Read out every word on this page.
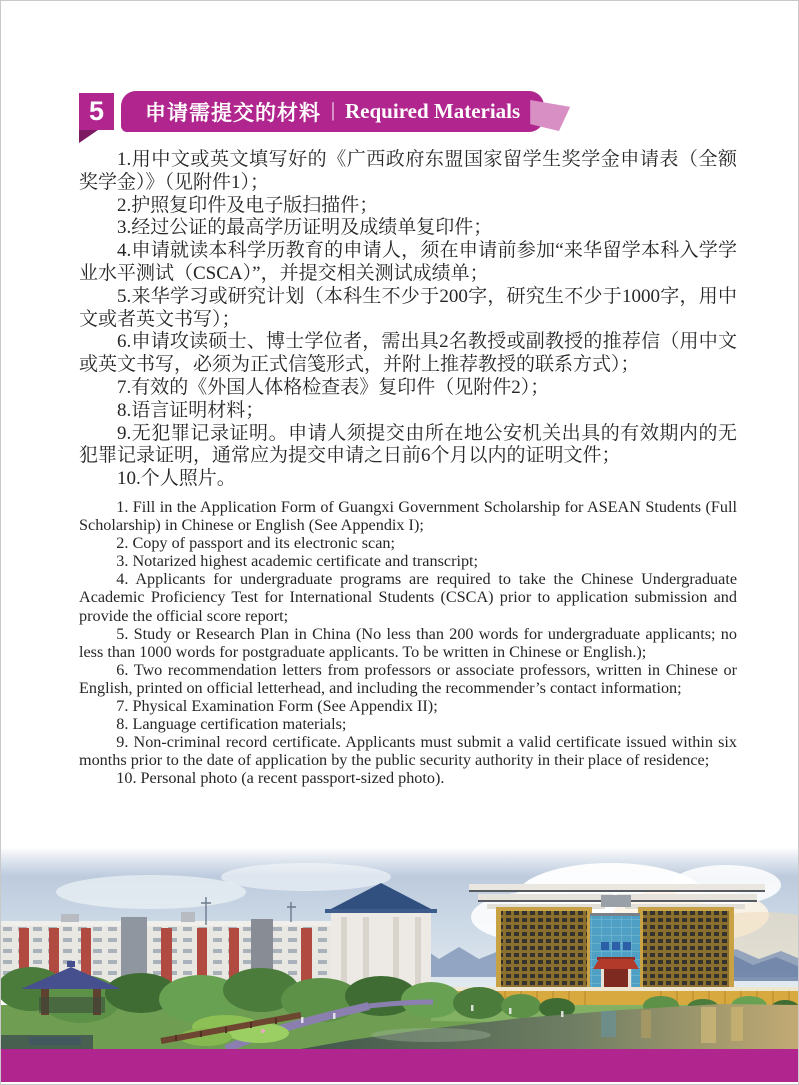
5 申请需提交的材料 | Required Materials

1.用中文或英文填写好的《广西政府东盟国家留学生奖学金申请表（全额奖学金）》（见附件1）；

2.护照复印件及电子版扫描件；

3.经过公证的最高学历证明及成绩单复印件；

4.申请就读本科学历教育的申请人，须在申请前参加“来华留学本科入学学业水平测试（CSCA）”，并提交相关测试成绩单；

5.来华学习或研究计划（本科生不少于200字，研究生不少于1000字，用中文或者英文书写）；

6.申请攻读硕士、博士学位者，需出具2名教授或副教授的推荐信（用中文或英文书写，必须为正式信笺形式，并附上推荐教授的联系方式）；

7.有效的《外国人体格检查表》复印件（见附件2）；

8.语言证明材料；

9.无犯罪记录证明。申请人须提交由所在地公安机关出具的有效期内的无犯罪记录证明，通常应为提交申请之日前6个月以内的证明文件；

10.个人照片。

1. Fill in the Application Form of Guangxi Government Scholarship for ASEAN Students (Full Scholarship) in Chinese or English (See Appendix I);

2. Copy of passport and its electronic scan;

3. Notarized highest academic certificate and transcript;

4. Applicants for undergraduate programs are required to take the Chinese Undergraduate Academic Proficiency Test for International Students (CSCA) prior to application submission and provide the official score report;

5. Study or Research Plan in China (No less than 200 words for undergraduate applicants; no less than 1000 words for postgraduate applicants. To be written in Chinese or English.);

6. Two recommendation letters from professors or associate professors, written in Chinese or English, printed on official letterhead, and including the recommender’s contact information;

7. Physical Examination Form (See Appendix II);

8. Language certification materials;

9. Non-criminal record certificate. Applicants must submit a valid certificate issued within six months prior to the date of application by the public security authority in their place of residence;

10. Personal photo (a recent passport-sized photo).
